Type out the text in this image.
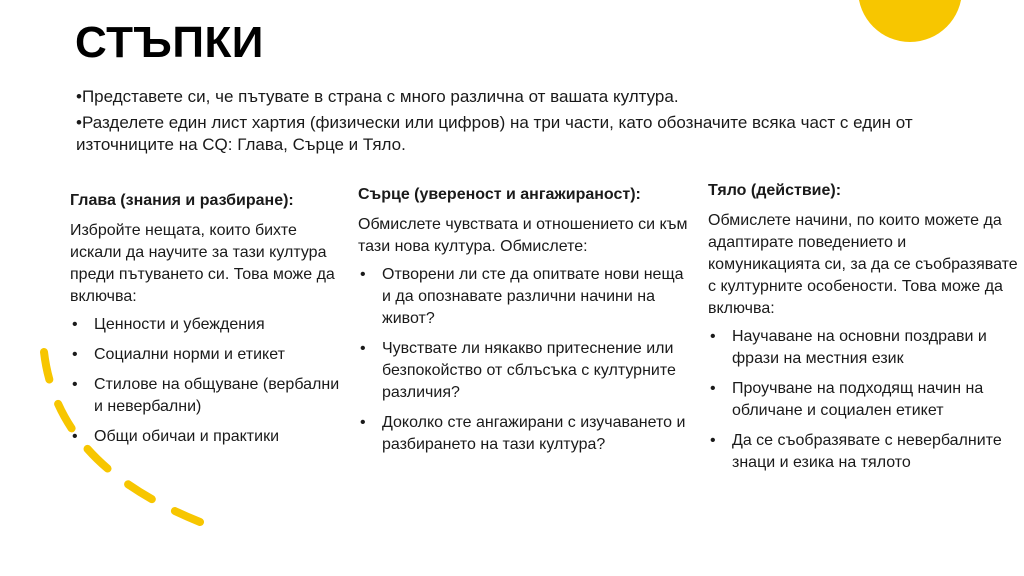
СТЪПКИ

•Представете си, че пътувате в страна с много различна от вашата култура.

•Разделете един лист хартия (физически или цифров) на три части, като обозначите всяка част с един от източниците на CQ: Глава, Сърце и Тяло.

Глава (знания и разбиране):

Избройте нещата, които бихте искали да научите за тази култура преди пътуването си. Това може да включва:

• Ценности и убеждения
• Социални норми и етикет
• Стилове на общуване (вербални и невербални)
• Общи обичаи и практики
Сърце (увереност и ангажираност):

Обмислете чувствата и отношението си към тази нова култура. Обмислете:

• Отворени ли сте да опитвате нови неща и да опознавате различни начини на живот?
• Чувствате ли някакво притеснение или безпокойство от сблъсъка с културните различия?
• Доколко сте ангажирани с изучаването и разбирането на тази култура?
Тяло (действие):

Обмислете начини, по които можете да адаптирате поведението и комуникацията си, за да се съобразявате с културните особености. Това може да включва:

• Научаване на основни поздрави и фрази на местния език
• Проучване на подходящ начин на обличане и социален етикет
• Да се съобразявате с невербалните знаци и езика на тялото
